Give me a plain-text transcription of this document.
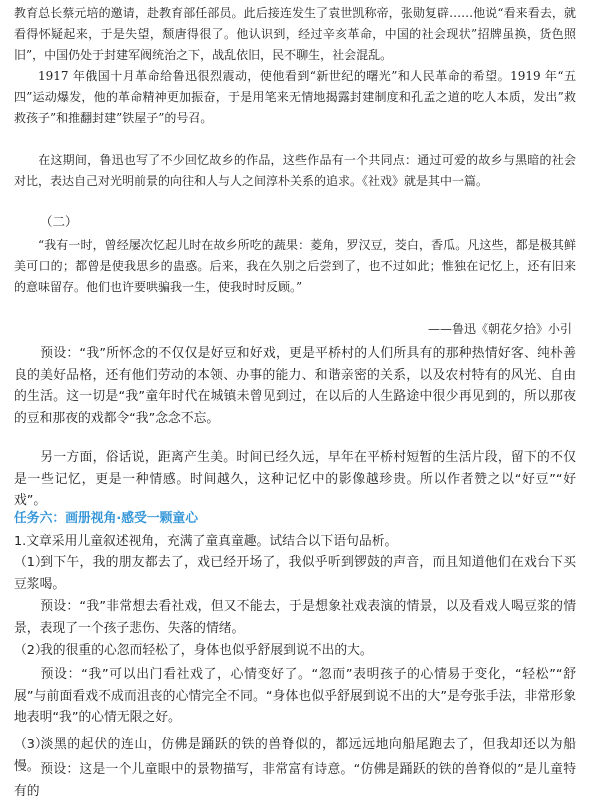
教育总长蔡元培的邀请，赴教育部任部员。此后接连发生了袁世凯称帝，张勋复辟……他说“看来看去，就看得怀疑起来，于是失望，颓唐得很了。他认识到，经过辛亥革命，中国的社会现状”招牌虽换，货色照旧”，中国仍处于封建军阀统治之下，战乱依旧，民不聊生，社会混乱。

1917 年俄国十月革命给鲁迅很烈震动，使他看到“新世纪的曙光”和人民革命的希望。1919 年“五四”运动爆发，他的革命精神更加振奋，于是用笔来无情地揭露封建制度和孔孟之道的吃人本质，发出”救救孩子”和推翻封建”铁屋子”的号召。

在这期间，鲁迅也写了不少回忆故乡的作品，这些作品有一个共同点：通过可爱的故乡与黑暗的社会对比，表达自己对光明前景的向往和人与人之间淳朴关系的追求。《社戏》就是其中一篇。

（二）

“我有一时，曾经屡次忆起儿时在故乡所吃的蔬果：菱角，罗汉豆，茭白，香瓜。凡这些，都是极其鲜美可口的；都曾是使我思乡的蛊惑。后来，我在久别之后尝到了，也不过如此；惟独在记忆上，还有旧来的意味留存。他们也许要哄骗我一生，使我时时反顾。”

——鲁迅《朝花夕拾》小引

预设：“我”所怀念的不仅仅是好豆和好戏，更是平桥村的人们所具有的那种热情好客、纯朴善良的美好品格，还有他们劳动的本领、办事的能力、和谐亲密的关系，以及农村特有的风光、自由的生活。这一切是“我”童年时代在城镇未曾见到过，在以后的人生路途中很少再见到的，所以那夜的豆和那夜的戏都令“我”念念不忘。

另一方面，俗话说，距离产生美。时间已经久远，早年在平桥村短暂的生活片段，留下的不仅是一些记忆，更是一种情感。时间越久，这种记忆中的影像越珍贵。所以作者赞之以“好豆”“好戏”。

任务六：画册视角·感受一颗童心

1.文章采用儿童叙述视角，充满了童真童趣。试结合以下语句品析。

（1）到下午，我的朋友都去了，戏已经开场了，我似乎听到锣鼓的声音，而且知道他们在戏台下买豆浆喝。

预设：“我”非常想去看社戏，但又不能去，于是想象社戏表演的情景，以及看戏人喝豆浆的情景，表现了一个孩子悲伤、失落的情绪。

（2）我的很重的心忽而轻松了，身体也似乎舒展到说不出的大。

预设：“我”可以出门看社戏了，心情变好了。“忽而”表明孩子的心情易于变化，“轻松”“舒展”与前面看戏不成而沮丧的心情完全不同。“身体也似乎舒展到说不出的大”是夸张手法，非常形象地表明“我”的心情无限之好。

（3）淡黑的起伏的连山，仿佛是踊跃的铁的兽脊似的，都远远地向船尾跑去了，但我却还以为船慢。 预设：这是一个儿童眼中的景物描写，非常富有诗意。“仿佛是踊跃的铁的兽脊似的”是儿童特有的
